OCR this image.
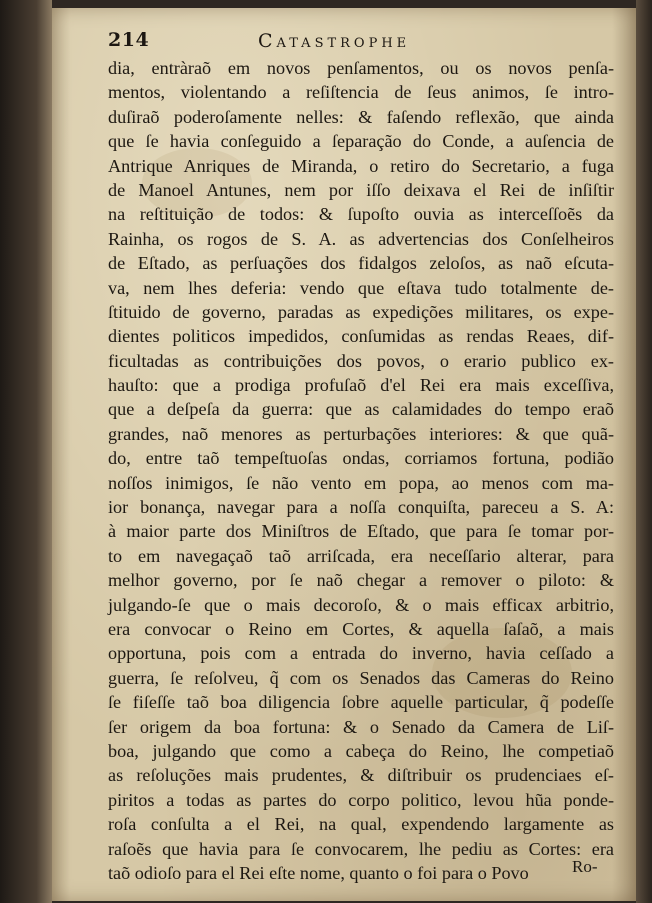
214	Catastrophe
dia, entràraõ em novos penſamentos, ou os novos penſa-
mentos, violentando a reſiſtencia de ſeus animos, ſe intro-
duſiraõ poderoſamente nelles: & faſendo reflexão, que ainda
que ſe havia conſeguido a ſeparação do Conde, a auſencia de
Antrique Anriques de Miranda, o retiro do Secretario, a fuga
de Manoel Antunes, nem por iſſo deixava el Rei de inſiſtir
na reſtituição de todos: & ſupoſto ouvia as interceſſoẽs da
Rainha, os rogos de S. A. as advertencias dos Conſelheiros
de Eſtado, as perſuações dos fidalgos zeloſos, as naõ eſcuta-
va, nem lhes deferia: vendo que eſtava tudo totalmente de-
ſtituido de governo, paradas as expedições militares, os expe-
dientes politicos impedidos, conſumidas as rendas Reaes, dif-
ficultadas as contribuições dos povos, o erario publico ex-
hauſto: que a prodiga profuſaõ d'el Rei era mais exceſſiva,
que a deſpeſa da guerra: que as calamidades do tempo eraõ
grandes, naõ menores as perturbações interiores: & que quã-
do, entre taõ tempeſtuoſas ondas, corriamos fortuna, podião
noſſos inimigos, ſe não vento em popa, ao menos com ma-
ior bonança, navegar para a noſſa conquiſta, pareceu a S. A:
à maior parte dos Miniſtros de Eſtado, que para ſe tomar por-
to em navegaçaõ taõ arriſcada, era neceſſario alterar, para
melhor governo, por ſe naõ chegar a remover o piloto: &
julgando-ſe que o mais decoroſo, & o mais efficax arbitrio,
era convocar o Reino em Cortes, & aquella ſaſaõ, a mais
opportuna, pois com a entrada do inverno, havia ceſſado a
guerra, ſe reſolveu, q̃ com os Senados das Cameras do Reino
ſe fiſeſſe taõ boa diligencia ſobre aquelle particular, q̃ podeſſe
ſer origem da boa fortuna: & o Senado da Camera de Liſ-
boa, julgando que como a cabeça do Reino, lhe competiaõ
as reſoluções mais prudentes, & diſtribuir os prudenciaes eſ-
piritos a todas as partes do corpo politico, levou hũa ponde-
roſa conſulta a el Rei, na qual, expendendo largamente as
raſoẽs que havia para ſe convocarem, lhe pediu as Cortes: era
taõ odioſo para el Rei eſte nome, quanto o foi para o Povo	Ro-
